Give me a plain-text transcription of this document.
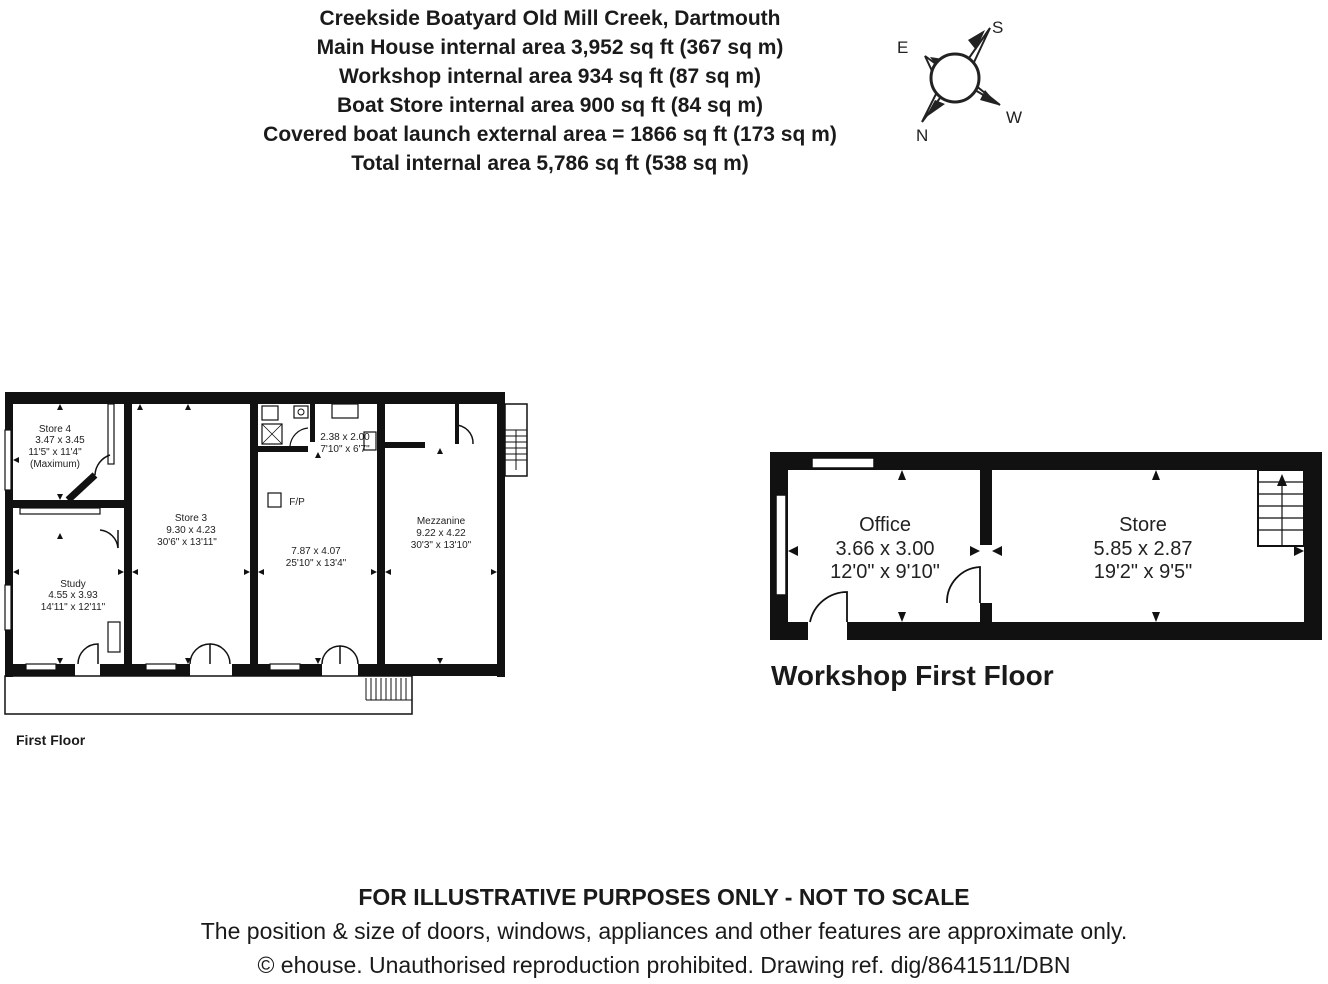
Creekside Boatyard Old Mill Creek, Dartmouth
Main House internal area 3,952 sq ft (367 sq m)
Workshop internal area 934 sq ft (87 sq m)
Boat Store internal area 900 sq ft (84 sq m)
Covered boat launch external area = 1866 sq ft (173 sq m)
Total internal area 5,786 sq ft (538 sq m)
S
E
W
N
Store 4
3.47 x 3.45
11'5" x 11'4"
(Maximum)
Study
4.55 x 3.93
14'11" x 12'11"
Store 3
9.30 x 4.23
30'6" x 13'11"
2.38 x 2.00
7'10" x 6'7"
F/P
7.87 x 4.07
25'10" x 13'4"
Mezzanine
9.22 x 4.22
30'3" x 13'10"
Office
3.66 x 3.00
12'0" x 9'10"
Store
5.85 x 2.87
19'2" x 9'5"
First Floor
Workshop First Floor
FOR ILLUSTRATIVE PURPOSES ONLY - NOT TO SCALE
The position & size of doors, windows, appliances and other features are approximate only.
© ehouse. Unauthorised reproduction prohibited. Drawing ref. dig/8641511/DBN
